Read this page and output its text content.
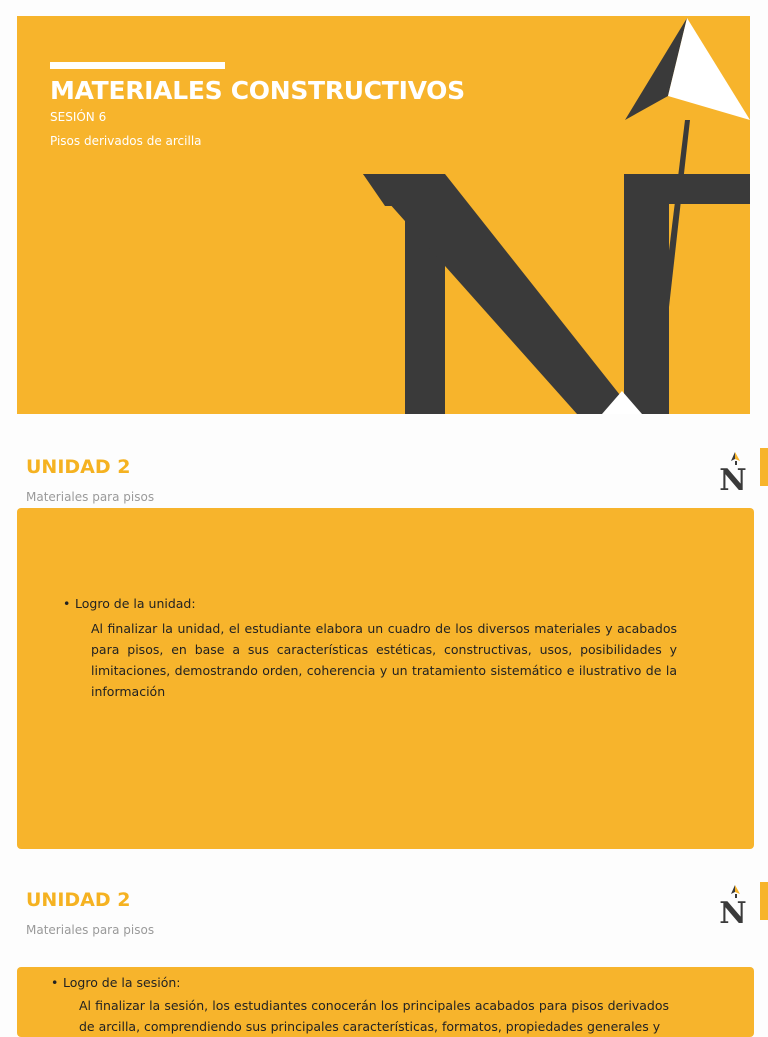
MATERIALES CONSTRUCTIVOS
SESIÓN 6
Pisos derivados de arcilla
UNIDAD 2
Materiales para pisos	N
• Logro de la unidad:

Al finalizar la unidad, el estudiante elabora un cuadro de los diversos materiales y acabados para pisos, en base a sus características estéticas, constructivas, usos, posibilidades y limitaciones, demostrando orden, coherencia y un tratamiento sistemático e ilustrativo de la información

UNIDAD 2
Materiales para pisos	N
• Logro de la sesión:

Al finalizar la sesión, los estudiantes conocerán los principales acabados para pisos derivados de arcilla, comprendiendo sus principales características, formatos, propiedades generales y
